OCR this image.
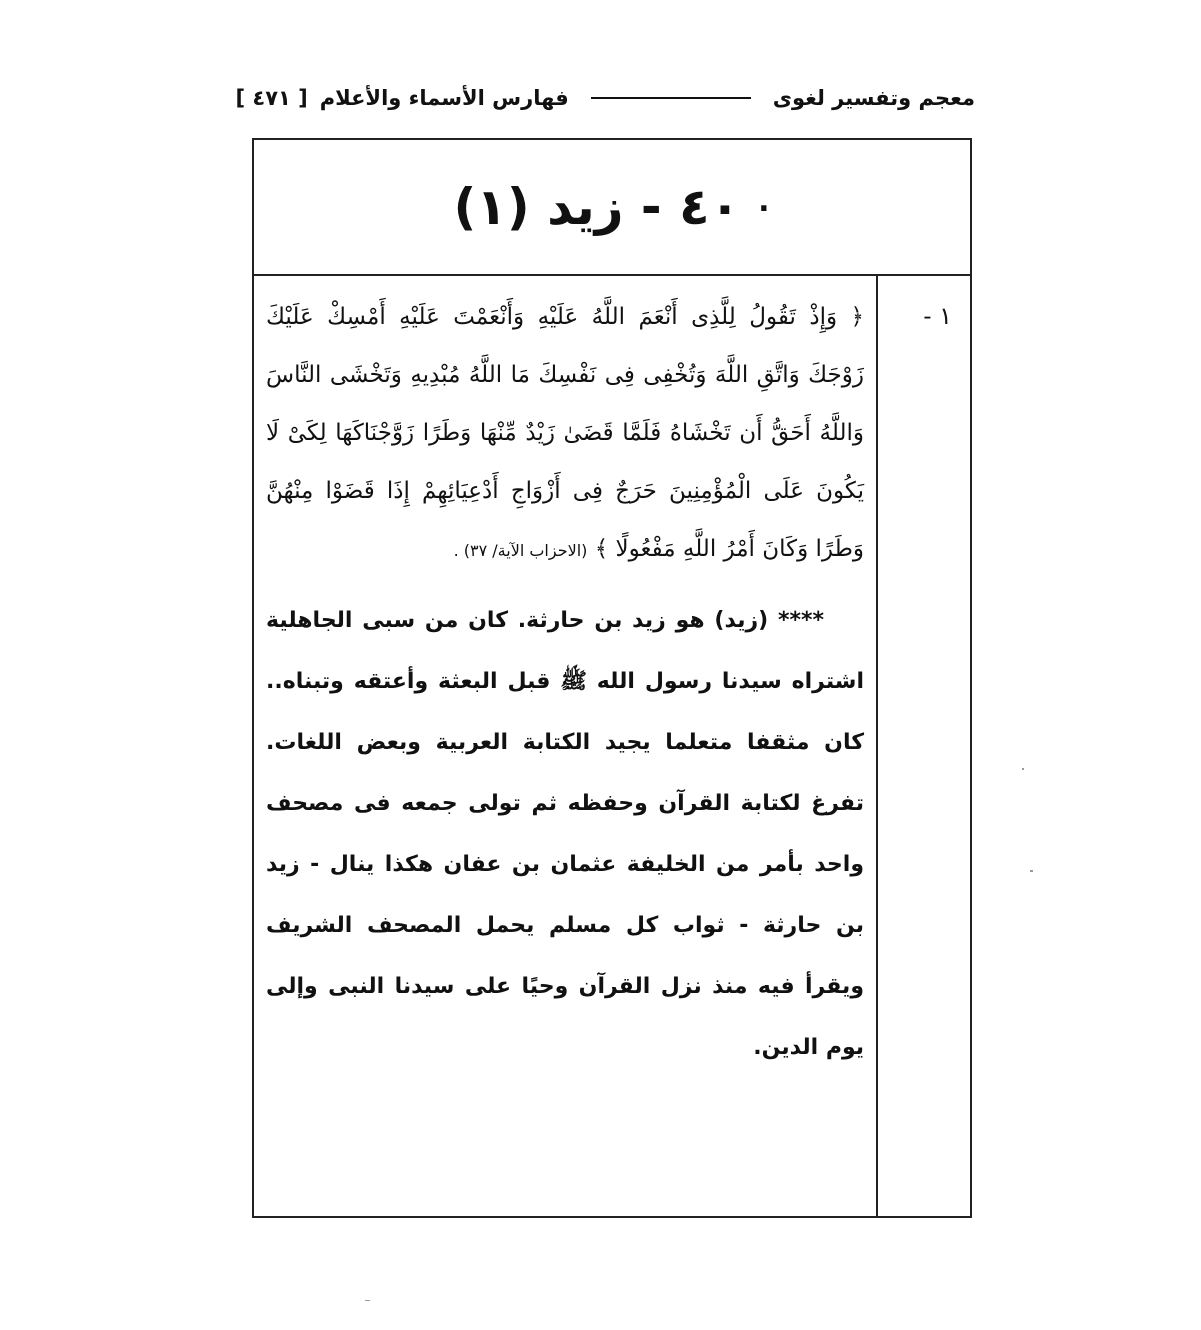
معجم وتفسير لغوى
فهارس الأسماء والأعلام
[ ٤٧١ ]
٤٠ - زيد (١) .
١ -

﴿ وَإِذْ تَقُولُ لِلَّذِى أَنْعَمَ اللَّهُ عَلَيْهِ وَأَنْعَمْتَ عَلَيْهِ أَمْسِكْ عَلَيْكَ زَوْجَكَ وَاتَّقِ اللَّهَ وَتُخْفِى فِى نَفْسِكَ مَا اللَّهُ مُبْدِيهِ وَتَخْشَى النَّاسَ وَاللَّهُ أَحَقُّ أَن تَخْشَاهُ فَلَمَّا قَضَىٰ زَيْدٌ مِّنْهَا وَطَرًا زَوَّجْنَاكَهَا لِكَىْ لَا يَكُونَ عَلَى الْمُؤْمِنِينَ حَرَجٌ فِى أَزْوَاجِ أَدْعِيَائِهِمْ إِذَا قَضَوْا مِنْهُنَّ وَطَرًا وَكَانَ أَمْرُ اللَّهِ مَفْعُولًا ﴾ (الاحزاب الآية/ ٣٧) .

**** (زيد) هو زيد بن حارثة. كان من سبى الجاهلية اشتراه سيدنا رسول الله ﷺ قبل البعثة وأعتقه وتبناه.. كان مثقفا متعلما يجيد الكتابة العربية وبعض اللغات. تفرغ لكتابة القرآن وحفظه ثم تولى جمعه فى مصحف واحد بأمر من الخليفة عثمان بن عفان هكذا ينال - زيد بن حارثة - ثواب كل مسلم يحمل المصحف الشريف ويقرأ فيه منذ نزل القرآن وحيًا على سيدنا النبى وإلى يوم الدين.
